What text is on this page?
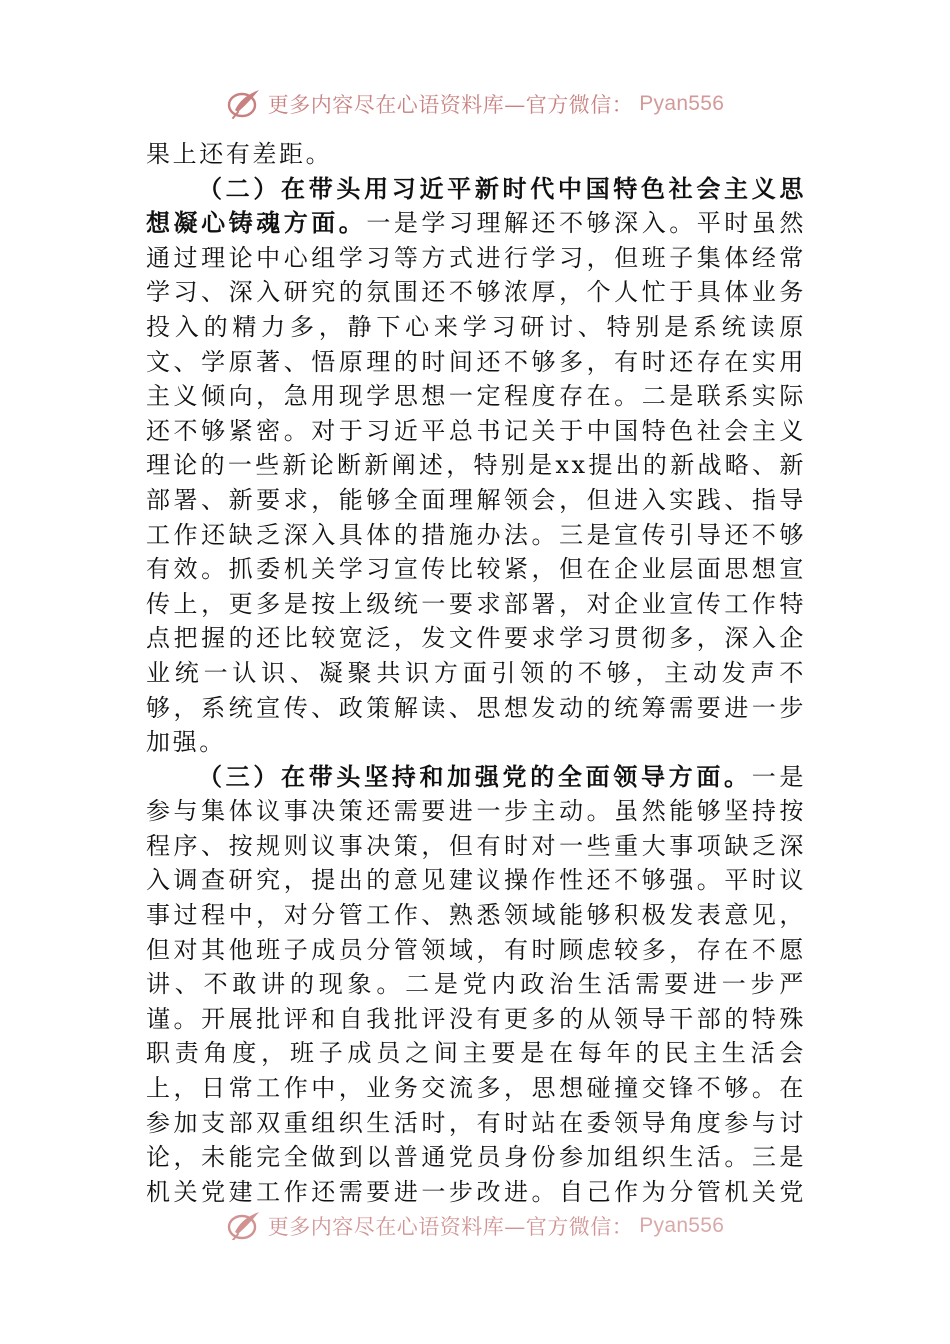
更多内容尽在心语资料库—官方微信： Pyan556

果上还有差距。

（二）在带头用习近平新时代中国特色社会主义思想凝心铸魂方面。一是学习理解还不够深入。平时虽然通过理论中心组学习等方式进行学习，但班子集体经常学习、深入研究的氛围还不够浓厚，个人忙于具体业务投入的精力多，静下心来学习研讨、特别是系统读原文、学原著、悟原理的时间还不够多，有时还存在实用主义倾向，急用现学思想一定程度存在。二是联系实际还不够紧密。对于习近平总书记关于中国特色社会主义理论的一些新论断新阐述，特别是xx提出的新战略、新部署、新要求，能够全面理解领会，但进入实践、指导工作还缺乏深入具体的措施办法。三是宣传引导还不够有效。抓委机关学习宣传比较紧，但在企业层面思想宣传上，更多是按上级统一要求部署，对企业宣传工作特点把握的还比较宽泛，发文件要求学习贯彻多，深入企业统一认识、凝聚共识方面引领的不够，主动发声不够，系统宣传、政策解读、思想发动的统筹需要进一步加强。

（三）在带头坚持和加强党的全面领导方面。一是参与集体议事决策还需要进一步主动。虽然能够坚持按程序、按规则议事决策，但有时对一些重大事项缺乏深入调查研究，提出的意见建议操作性还不够强。平时议事过程中，对分管工作、熟悉领域能够积极发表意见，但对其他班子成员分管领域，有时顾虑较多，存在不愿讲、不敢讲的现象。二是党内政治生活需要进一步严谨。开展批评和自我批评没有更多的从领导干部的特殊职责角度，班子成员之间主要是在每年的民主生活会上，日常工作中，业务交流多，思想碰撞交锋不够。在参加支部双重组织生活时，有时站在委领导角度参与讨论，未能完全做到以普通党员身份参加组织生活。三是机关党建工作还需要进一步改进。自己作为分管机关党

更多内容尽在心语资料库—官方微信： Pyan556
